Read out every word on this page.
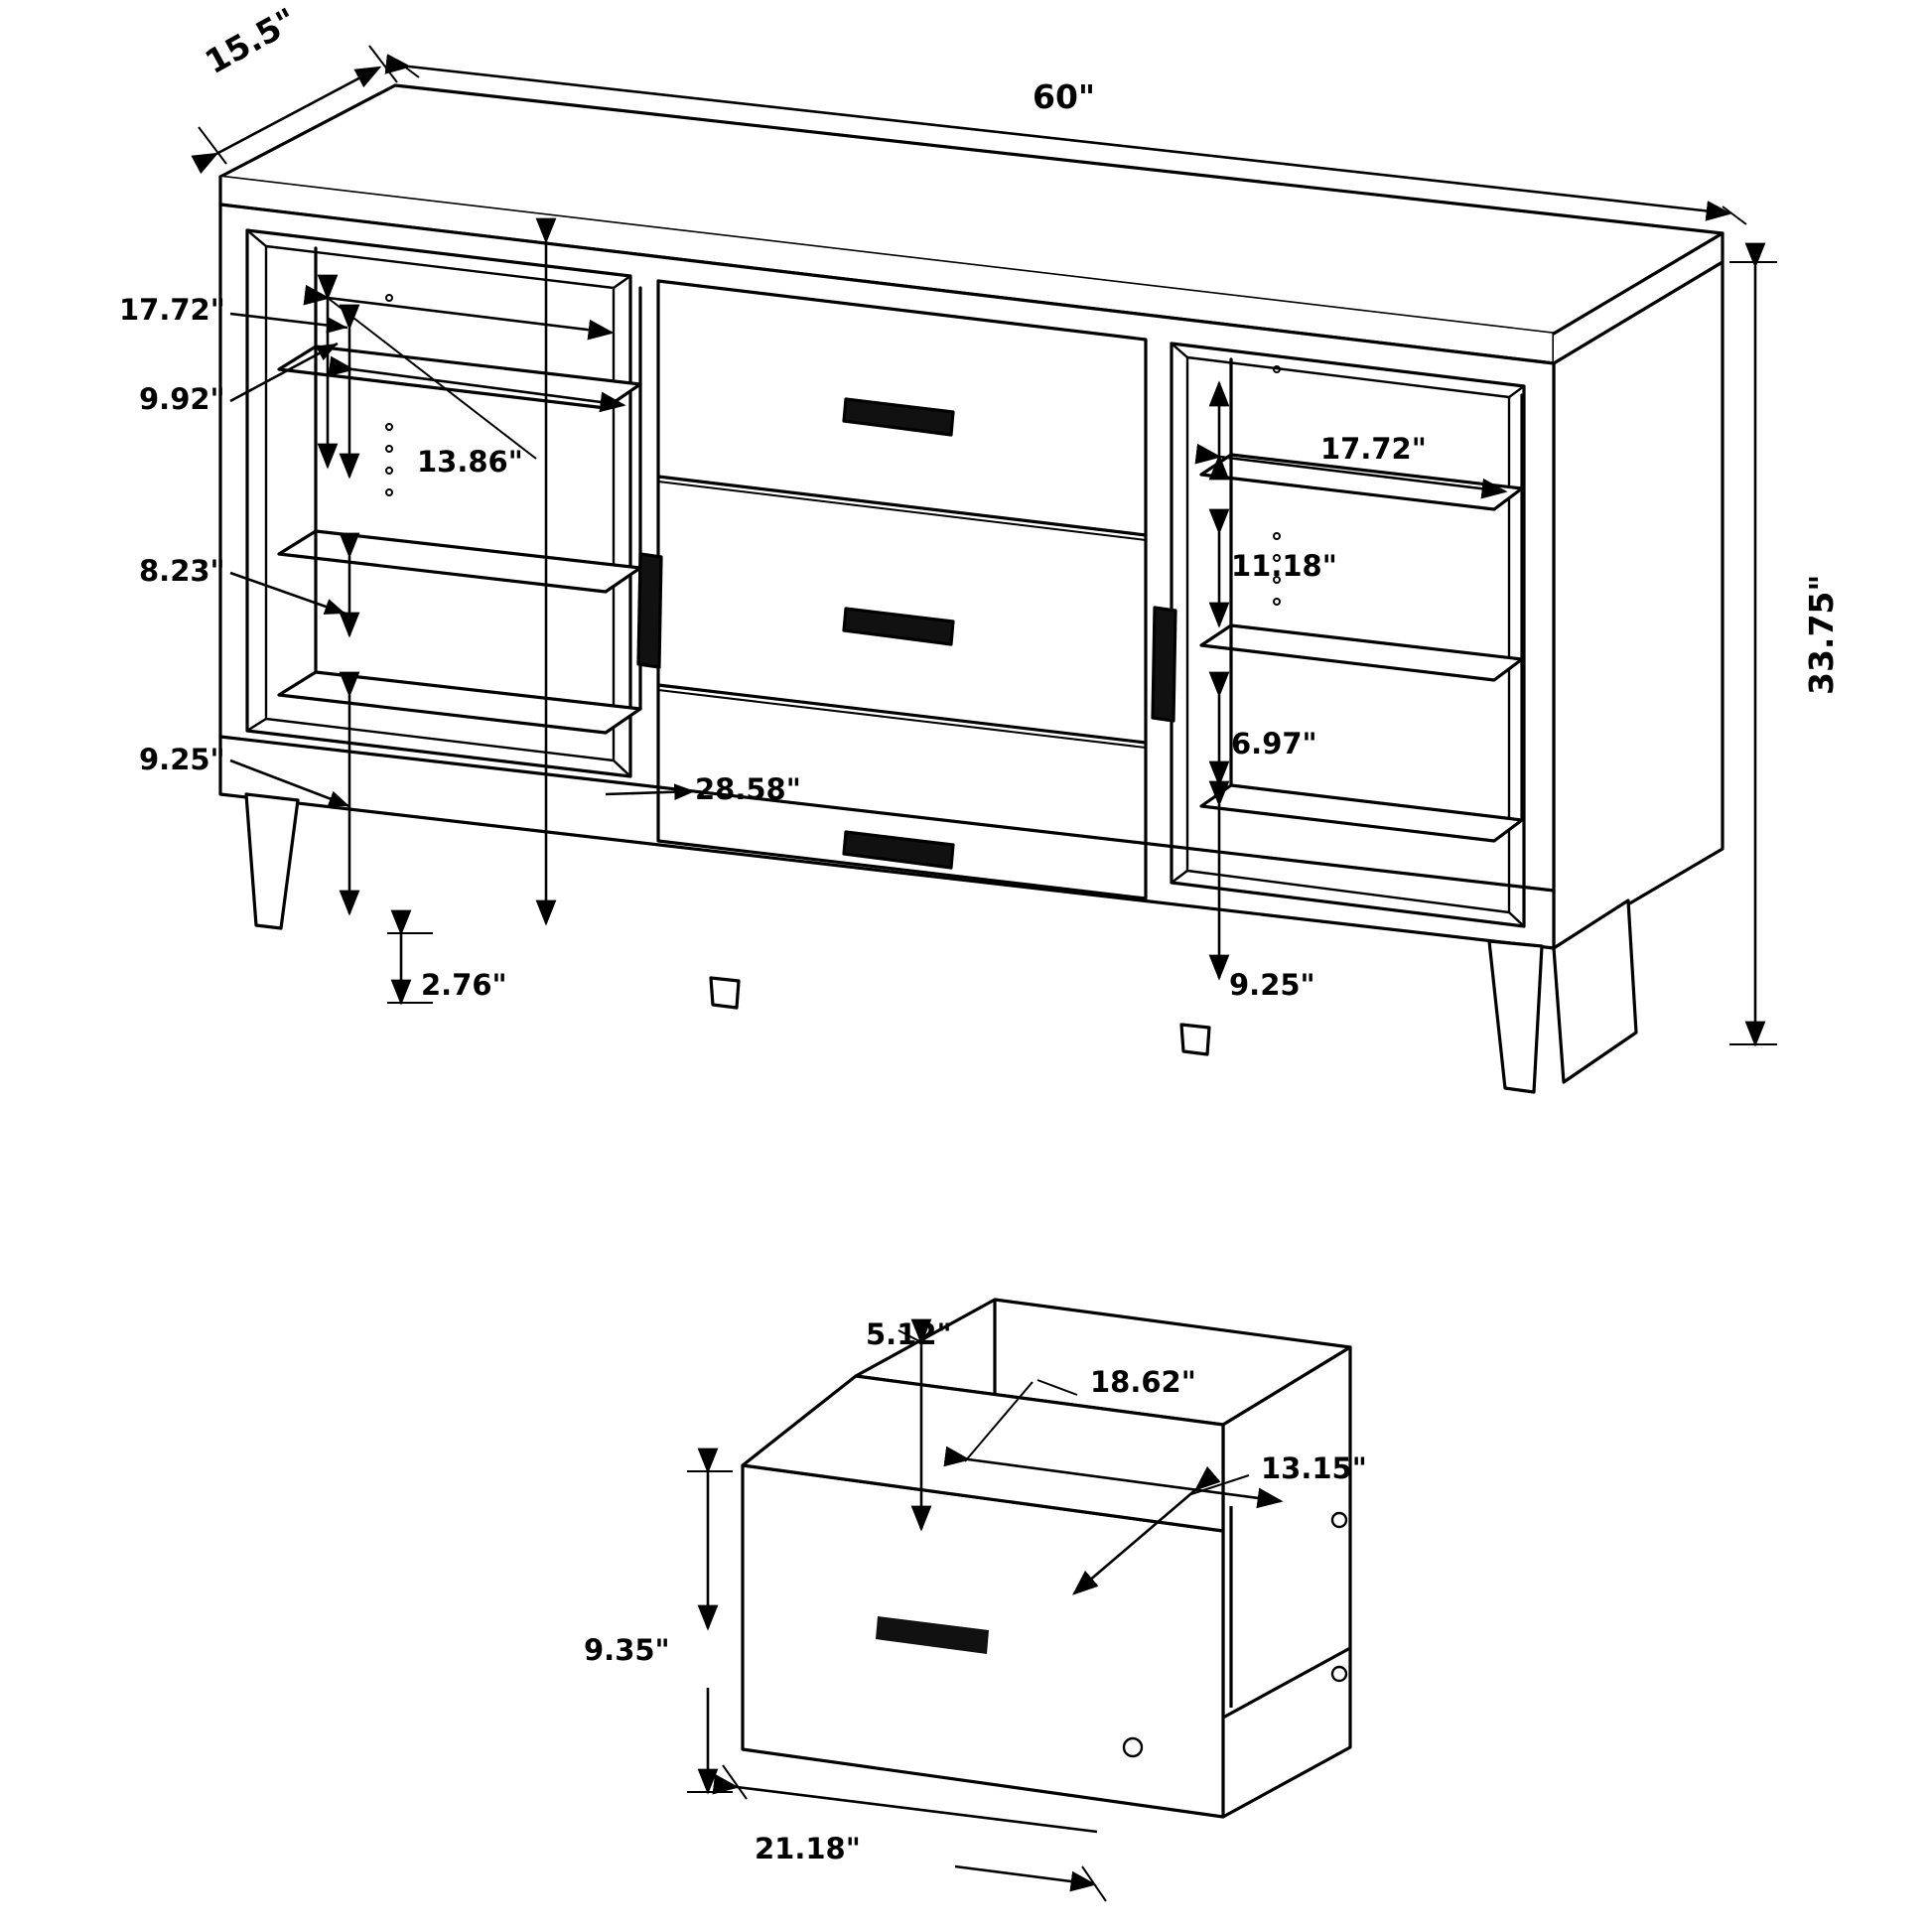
60"
15.5"
33.75"
17.72"
9.92"
13.86"
8.23"
9.25"
28.58"
2.76"
17.72"
11.18"
6.97"
9.25"
5.12"
18.62"
13.15"
9.35"
21.18"
